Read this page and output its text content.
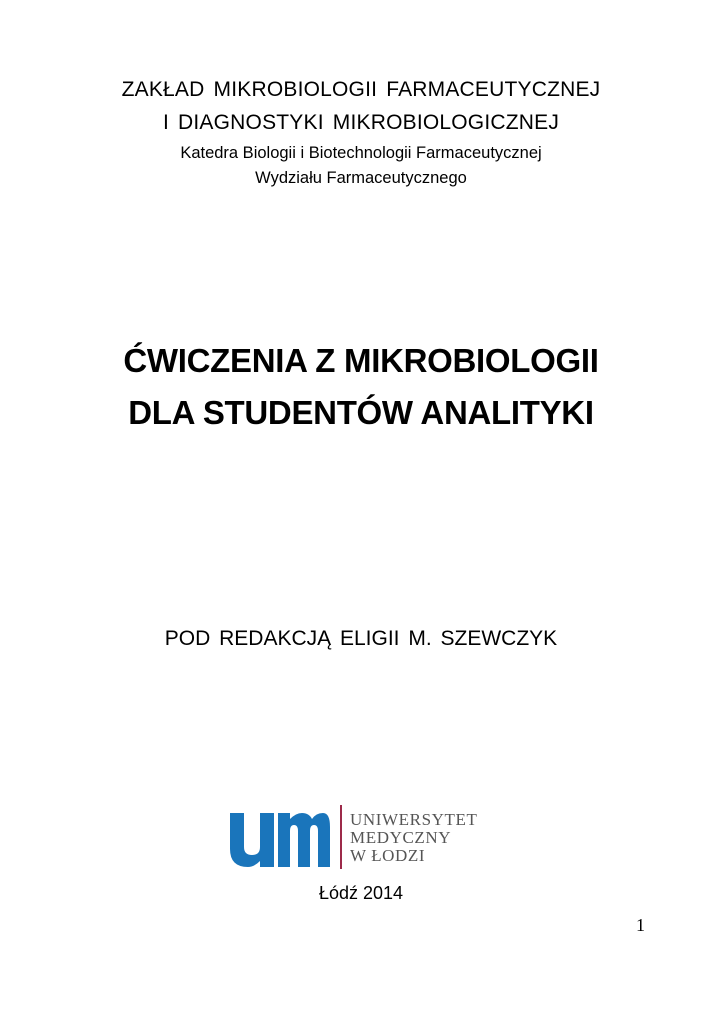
ZAKŁAD MIKROBIOLOGII FARMACEUTYCZNEJ
I DIAGNOSTYKI MIKROBIOLOGICZNEJ
Katedra Biologii i Biotechnologii Farmaceutycznej
Wydziału Farmaceutycznego
ĆWICZENIA Z MIKROBIOLOGII
DLA STUDENTÓW ANALITYKI
POD REDAKCJĄ ELIGII M. SZEWCZYK
UNIWERSYTET
MEDYCZNY
W ŁODZI
Łódź 2014
1
